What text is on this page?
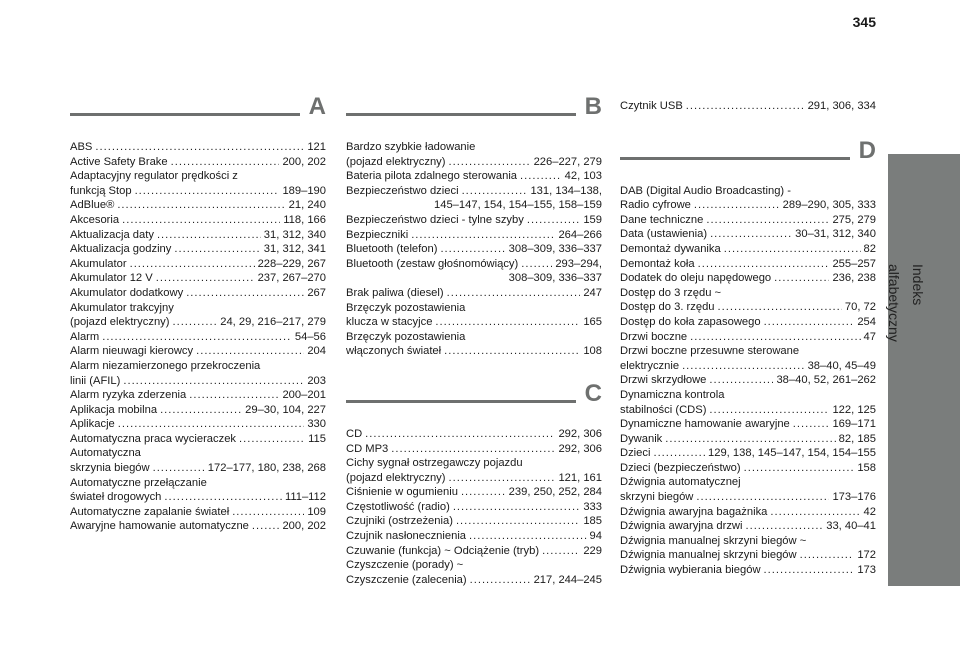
345
Indeks alfabetyczny
A
ABS .....	121
Active Safety Brake .....	200, 202
Adaptacyjny regulator prędkości z
funkcją Stop .....	189–190
AdBlue® .....	21, 240
Akcesoria .....	118, 166
Aktualizacja daty .....	31, 312, 340
Aktualizacja godziny .....	31, 312, 341
Akumulator .....	228–229, 267
Akumulator 12 V .....	237, 267–270
Akumulator dodatkowy .....	267
Akumulator trakcyjny
(pojazd elektryczny) .....	24, 29, 216–217, 279
Alarm .....	54–56
Alarm nieuwagi kierowcy .....	204
Alarm niezamierzonego przekroczenia
linii (AFIL) .....	203
Alarm ryzyka zderzenia .....	200–201
Aplikacja mobilna .....	29–30, 104, 227
Aplikacje .....	330
Automatyczna praca wycieraczek .....	115
Automatyczna
skrzynia biegów .....	172–177, 180, 238, 268
Automatyczne przełączanie
świateł drogowych .....	111–112
Automatyczne zapalanie świateł .....	109
Awaryjne hamowanie automatyczne .....	200, 202
B
Bardzo szybkie ładowanie
(pojazd elektryczny) .....	226–227, 279
Bateria pilota zdalnego sterowania .....	42, 103
Bezpieczeństwo dzieci .....	131, 134–138,
145–147, 154, 154–155, 158–159
Bezpieczeństwo dzieci - tylne szyby .....	159
Bezpieczniki .....	264–266
Bluetooth (telefon) .....	308–309, 336–337
Bluetooth (zestaw głośnomówiący) .....	293–294,
308–309, 336–337
Brak paliwa (diesel) .....	247
Brzęczyk pozostawienia
klucza w stacyjce .....	165
Brzęczyk pozostawienia
włączonych świateł .....	108
C
CD .....	292, 306
CD MP3 .....	292, 306
Cichy sygnał ostrzegawczy pojazdu
(pojazd elektryczny) .....	121, 161
Ciśnienie w ogumieniu .....	239, 250, 252, 284
Częstotliwość (radio) .....	333
Czujniki (ostrzeżenia) .....	185
Czujnik nasłonecznienia .....	94
Czuwanie (funkcja) ~ Odciążenie (tryb) .....	229
Czyszczenie (porady) ~
Czyszczenie (zalecenia) .....	217, 244–245
Czytnik USB .....	291, 306, 334
D
DAB (Digital Audio Broadcasting) -
Radio cyfrowe .....	289–290, 305, 333
Dane techniczne .....	275, 279
Data (ustawienia) .....	30–31, 312, 340
Demontaż dywanika .....	82
Demontaż koła .....	255–257
Dodatek do oleju napędowego .....	236, 238
Dostęp do 3 rzędu ~
Dostęp do 3. rzędu .....	70, 72
Dostęp do koła zapasowego .....	254
Drzwi boczne .....	47
Drzwi boczne przesuwne sterowane
elektrycznie .....	38–40, 45–49
Drzwi skrzydłowe .....	38–40, 52, 261–262
Dynamiczna kontrola
stabilności (CDS) .....	122, 125
Dynamiczne hamowanie awaryjne .....	169–171
Dywanik .....	82, 185
Dzieci .....	129, 138, 145–147, 154, 154–155
Dzieci (bezpieczeństwo) .....	158
Dźwignia automatycznej
skrzyni biegów .....	173–176
Dźwignia awaryjna bagażnika .....	42
Dźwignia awaryjna drzwi .....	33, 40–41
Dźwignia manualnej skrzyni biegów ~
Dźwignia manualnej skrzyni biegów .....	172
Dźwignia wybierania biegów .....	173
